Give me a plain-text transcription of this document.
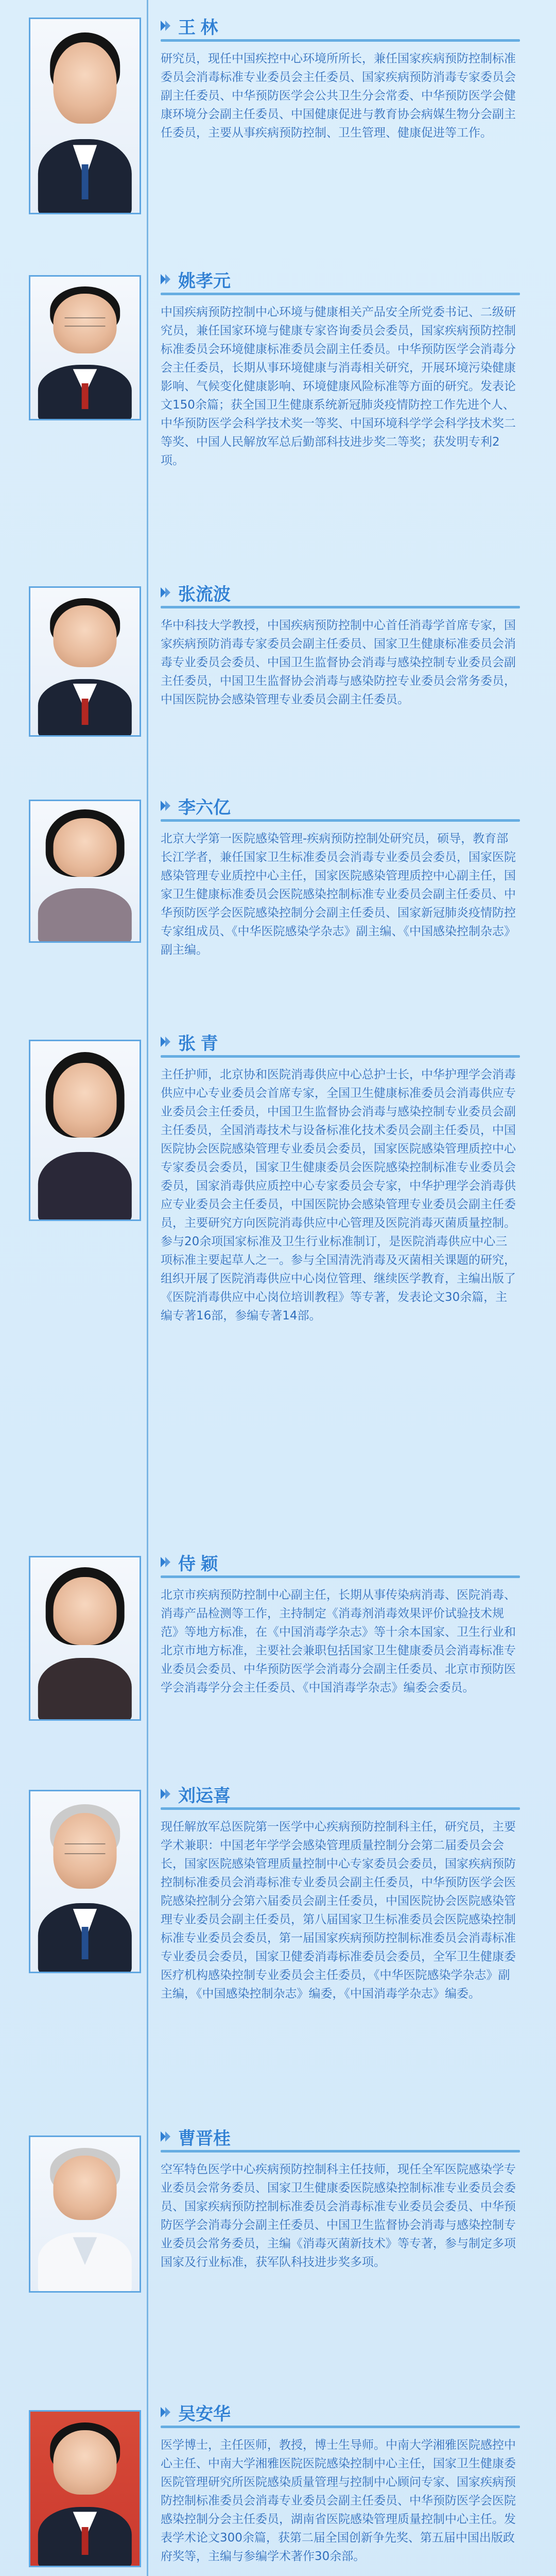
王 林
研究员，现任中国疾控中心环境所所长，兼任国家疾病预防控制标准委员会消毒标准专业委员会主任委员、国家疾病预防消毒专家委员会副主任委员、中华预防医学会公共卫生分会常委、中华预防医学会健康环境分会副主任委员、中国健康促进与教育协会病媒生物分会副主任委员，主要从事疾病预防控制、卫生管理、健康促进等工作。
姚孝元
中国疾病预防控制中心环境与健康相关产品安全所党委书记、二级研究员，兼任国家环境与健康专家咨询委员会委员，国家疾病预防控制标准委员会环境健康标准委员会副主任委员。中华预防医学会消毒分会主任委员，长期从事环境健康与消毒相关研究，开展环境污染健康影响、气候变化健康影响、环境健康风险标准等方面的研究。发表论文150余篇；获全国卫生健康系统新冠肺炎疫情防控工作先进个人、中华预防医学会科学技术奖一等奖、中国环境科学学会科学技术奖二等奖、中国人民解放军总后勤部科技进步奖二等奖；获发明专利2项。
张流波
华中科技大学教授，中国疾病预防控制中心首任消毒学首席专家，国家疾病预防消毒专家委员会副主任委员、国家卫生健康标准委员会消毒专业委员会委员、中国卫生监督协会消毒与感染控制专业委员会副主任委员，中国卫生监督协会消毒与感染防控专业委员会常务委员，中国医院协会感染管理专业委员会副主任委员。
李六亿
北京大学第一医院感染管理-疾病预防控制处研究员，硕导，教育部长江学者，兼任国家卫生标准委员会消毒专业委员会委员，国家医院感染管理专业质控中心主任，国家医院感染管理质控中心副主任，国家卫生健康标准委员会医院感染控制标准专业委员会副主任委员、中华预防医学会医院感染控制分会副主任委员、国家新冠肺炎疫情防控专家组成员、《中华医院感染学杂志》副主编、《中国感染控制杂志》副主编。
张 青
主任护师，北京协和医院消毒供应中心总护士长，中华护理学会消毒供应中心专业委员会首席专家，全国卫生健康标准委员会消毒供应专业委员会主任委员，中国卫生监督协会消毒与感染控制专业委员会副主任委员，全国消毒技术与设备标准化技术委员会副主任委员，中国医院协会医院感染管理专业委员会委员，国家医院感染管理质控中心专家委员会委员，国家卫生健康委员会医院感染控制标准专业委员会委员，国家消毒供应质控中心专家委员会专家，中华护理学会消毒供应专业委员会主任委员，中国医院协会感染管理专业委员会副主任委员，主要研究方向医院消毒供应中心管理及医院消毒灭菌质量控制。参与20余项国家标准及卫生行业标准制订，是医院消毒供应中心三项标准主要起草人之一。参与全国清洗消毒及灭菌相关课题的研究，组织开展了医院消毒供应中心岗位管理、继续医学教育，主编出版了《医院消毒供应中心岗位培训教程》等专著，发表论文30余篇，主编专著16部，参编专著14部。
侍 颖
北京市疾病预防控制中心副主任，长期从事传染病消毒、医院消毒、消毒产品检测等工作，主持制定《消毒剂消毒效果评价试验技术规范》等地方标准，在《中国消毒学杂志》等十余本国家、卫生行业和北京市地方标准，主要社会兼职包括国家卫生健康委员会消毒标准专业委员会委员、中华预防医学会消毒分会副主任委员、北京市预防医学会消毒学分会主任委员、《中国消毒学杂志》编委会委员。
刘运喜
现任解放军总医院第一医学中心疾病预防控制科主任，研究员，主要学术兼职：中国老年学学会感染管理质量控制分会第二届委员会会长，国家医院感染管理质量控制中心专家委员会委员，国家疾病预防控制标准委员会消毒标准专业委员会副主任委员，中华预防医学会医院感染控制分会第六届委员会副主任委员，中国医院协会医院感染管理专业委员会副主任委员，第八届国家卫生标准委员会医院感染控制标准专业委员会委员，第一届国家疾病预防控制标准委员会消毒标准专业委员会委员，国家卫健委消毒标准委员会委员，全军卫生健康委医疗机构感染控制专业委员会主任委员，《中华医院感染学杂志》副主编，《中国感染控制杂志》编委，《中国消毒学杂志》编委。
曹晋桂
空军特色医学中心疾病预防控制科主任技师，现任全军医院感染学专业委员会常务委员、国家卫生健康委医院感染控制标准专业委员会委员、国家疾病预防控制标准委员会消毒标准专业委员会委员、中华预防医学会消毒分会副主任委员、中国卫生监督协会消毒与感染控制专业委员会常务委员，主编《消毒灭菌新技术》等专著，参与制定多项国家及行业标准，获军队科技进步奖多项。
吴安华
医学博士，主任医师，教授，博士生导师。中南大学湘雅医院感控中心主任、中南大学湘雅医院医院感染控制中心主任，国家卫生健康委医院管理研究所医院感染质量管理与控制中心顾问专家、国家疾病预防控制标准委员会消毒专业委员会副主任委员、中华预防医学会医院感染控制分会主任委员，湖南省医院感染管理质量控制中心主任。发表学术论文300余篇，获第二届全国创新争先奖、第五届中国出版政府奖等，主编与参编学术著作30余部。
